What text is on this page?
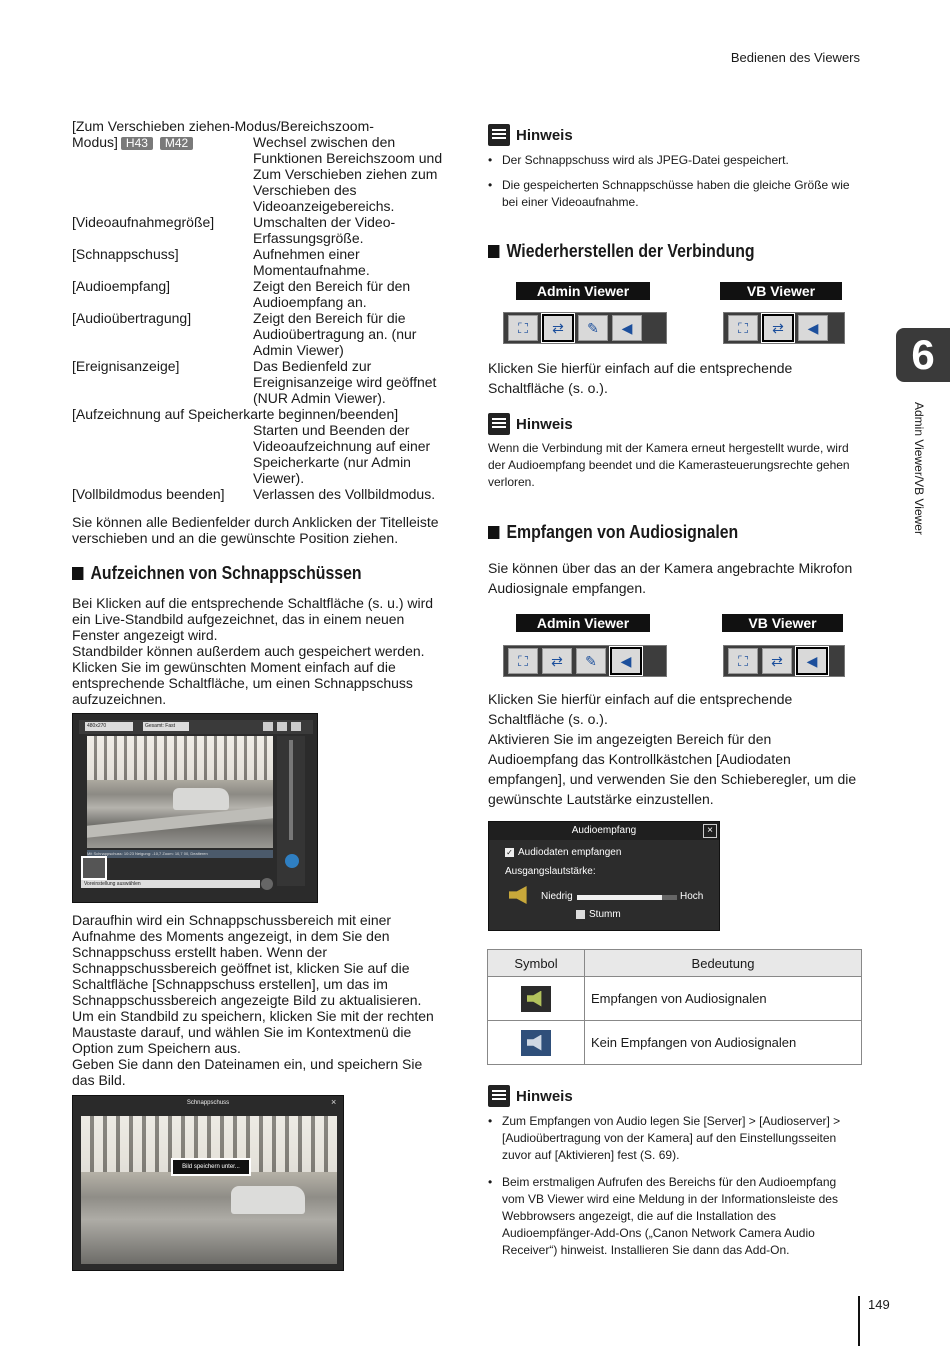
Bedienen des Viewers
6
Admin Viewer/VB Viewer
149
[Zum Verschieben ziehen-Modus/Bereichszoom-
Modus] H43 M42	Wechsel zwischen den Funktionen Bereichszoom und Zum Verschieben ziehen zum Verschieben des Videoanzeigebereichs.
[Videoaufnahmegröße]	Umschalten der Video-Erfassungsgröße.
[Schnappschuss]	Aufnehmen einer Momentaufnahme.
[Audioempfang]	Zeigt den Bereich für den Audioempfang an.
[Audioübertragung]	Zeigt den Bereich für die Audioübertragung an. (nur Admin Viewer)
[Ereignisanzeige]	Das Bedienfeld zur Ereignisanzeige wird geöffnet (NUR Admin Viewer).
[Aufzeichnung auf Speicherkarte beginnen/beenden]
Starten und Beenden der Videoaufzeichnung auf einer Speicherkarte (nur Admin Viewer).
[Vollbildmodus beenden]	Verlassen des Vollbildmodus.
Sie können alle Bedienfelder durch Anklicken der Titelleiste verschieben und an die gewünschte Position ziehen.
Aufzeichnen von Schnappschüssen
Bei Klicken auf die entsprechende Schaltfläche (s. u.) wird ein Live-Standbild aufgezeichnet, das in einem neuen Fenster angezeigt wird.
Standbilder können außerdem auch gespeichert werden. Klicken Sie im gewünschten Moment einfach auf die entsprechende Schaltfläche, um einen Schnappschuss aufzuzeichnen.
480x270	Gesamt: Fast
Mit Schnappschuss: 10:23 Neigung: -10,7 Zoom: 10,7 00, Dealteren
Voreinstellung auswählen
Daraufhin wird ein Schnappschussbereich mit einer Aufnahme des Moments angezeigt, in dem Sie den Schnappschuss erstellt haben. Wenn der Schnappschussbereich geöffnet ist, klicken Sie auf die Schaltfläche [Schnappschuss erstellen], um das im Schnappschussbereich angezeigte Bild zu aktualisieren.
Um ein Standbild zu speichern, klicken Sie mit der rechten Maustaste darauf, und wählen Sie im Kontextmenü die Option zum Speichern aus.
Geben Sie dann den Dateinamen ein, und speichern Sie das Bild.
Schnappschuss	×
Bild speichern unter...
Hinweis
• Der Schnappschuss wird als JPEG-Datei gespeichert.
• Die gespeicherten Schnappschüsse haben die gleiche Größe wie bei einer Videoaufnahme.
Wiederherstellen der Verbindung
Admin Viewer	VB Viewer
⛶	⇄	✎	◀	⛶	⇄	◀
Klicken Sie hierfür einfach auf die entsprechende Schaltfläche (s. o.).
Hinweis
Wenn die Verbindung mit der Kamera erneut hergestellt wurde, wird der Audioempfang beendet und die Kamerasteuerungsrechte gehen verloren.
Empfangen von Audiosignalen
Sie können über das an der Kamera angebrachte Mikrofon Audiosignale empfangen.
Admin Viewer	VB Viewer
⛶	⇄	✎	◀	⛶	⇄	◀
Klicken Sie hierfür einfach auf die entsprechende Schaltfläche (s. o.).
Aktivieren Sie im angezeigten Bereich für den Audioempfang das Kontrollkästchen [Audiodaten empfangen], und verwenden Sie den Schieberegler, um die gewünschte Lautstärke einzustellen.
Audioempfang	×
✓ Audiodaten empfangen
Ausgangslautstärke:
Niedrig	Hoch
Stumm
Symbol	Bedeutung

	Empfangen von Audiosignalen

	Kein Empfangen von Audiosignalen
Hinweis
• Zum Empfangen von Audio legen Sie [Server] > [Audioserver] > [Audioübertragung von der Kamera] auf den Einstellungsseiten zuvor auf [Aktivieren] fest (S. 69).
• Beim erstmaligen Aufrufen des Bereichs für den Audioempfang vom VB Viewer wird eine Meldung in der Informationsleiste des Webbrowsers angezeigt, die auf die Installation des Audioempfänger-Add-Ons („Canon Network Camera Audio Receiver“) hinweist. Installieren Sie dann das Add-On.
